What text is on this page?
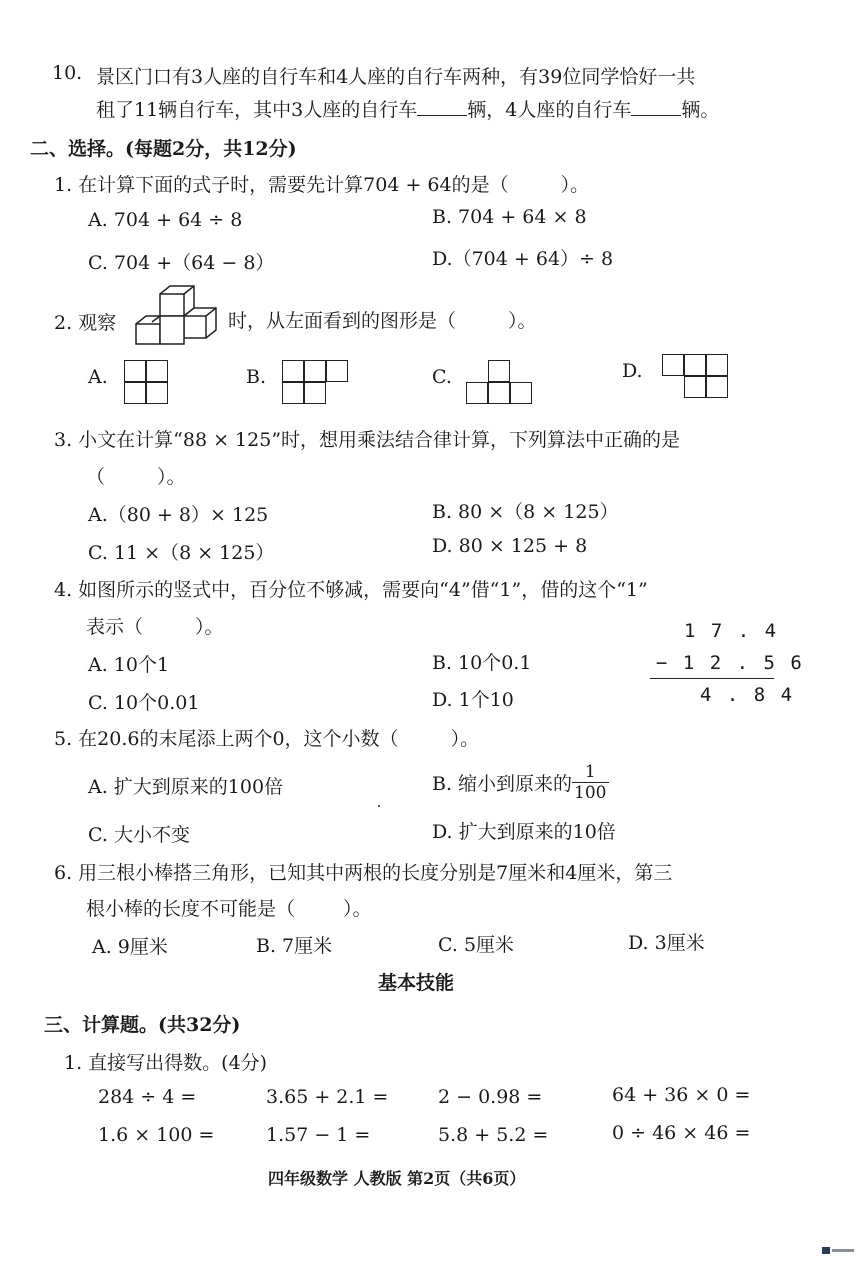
10. 景区门口有3人座的自行车和4人座的自行车两种，有39位同学恰好一共
租了11辆自行车，其中3人座的自行车	辆，4人座的自行车	辆。
二、选择。(每题2分，共12分)
1. 在计算下面的式子时，需要先计算704 + 64的是（	）。
A. 704 + 64 ÷ 8	B. 704 + 64 × 8
C. 704 +（64 − 8）	D.（704 + 64）÷ 8
2. 观察	时，从左面看到的图形是（	）。
A.	B.	C.	D.
3. 小文在计算“88 × 125”时，想用乘法结合律计算，下列算法中正确的是
（	）。
A.（80 + 8）× 125	B. 80 ×（8 × 125）
C. 11 ×（8 × 125）	D. 80 × 125 + 8
4. 如图所示的竖式中，百分位不够减，需要向“4”借“1”，借的这个“1”
表示（	）。
A. 10个1	B. 10个0.1
C. 10个0.01	D. 1个10
1 7 . 4
− 1 2 . 5 6
4 . 8 4
5. 在20.6的末尾添上两个0，这个小数（	）。
A. 扩大到原来的100倍	B. 缩小到原来的 $\frac{1}{100}$
C. 大小不变	D. 扩大到原来的10倍
6. 用三根小棒搭三角形，已知其中两根的长度分别是7厘米和4厘米，第三
根小棒的长度不可能是（	）。
A. 9厘米	B. 7厘米	C. 5厘米	D. 3厘米
基本技能
三、计算题。(共32分)
1. 直接写出得数。(4分)
284 ÷ 4 =	3.65 + 2.1 =	2 − 0.98 =	64 + 36 × 0 =
1.6 × 100 =	1.57 − 1 =	5.8 + 5.2 =	0 ÷ 46 × 46 =
四年级数学 人教版 第2页（共6页）
